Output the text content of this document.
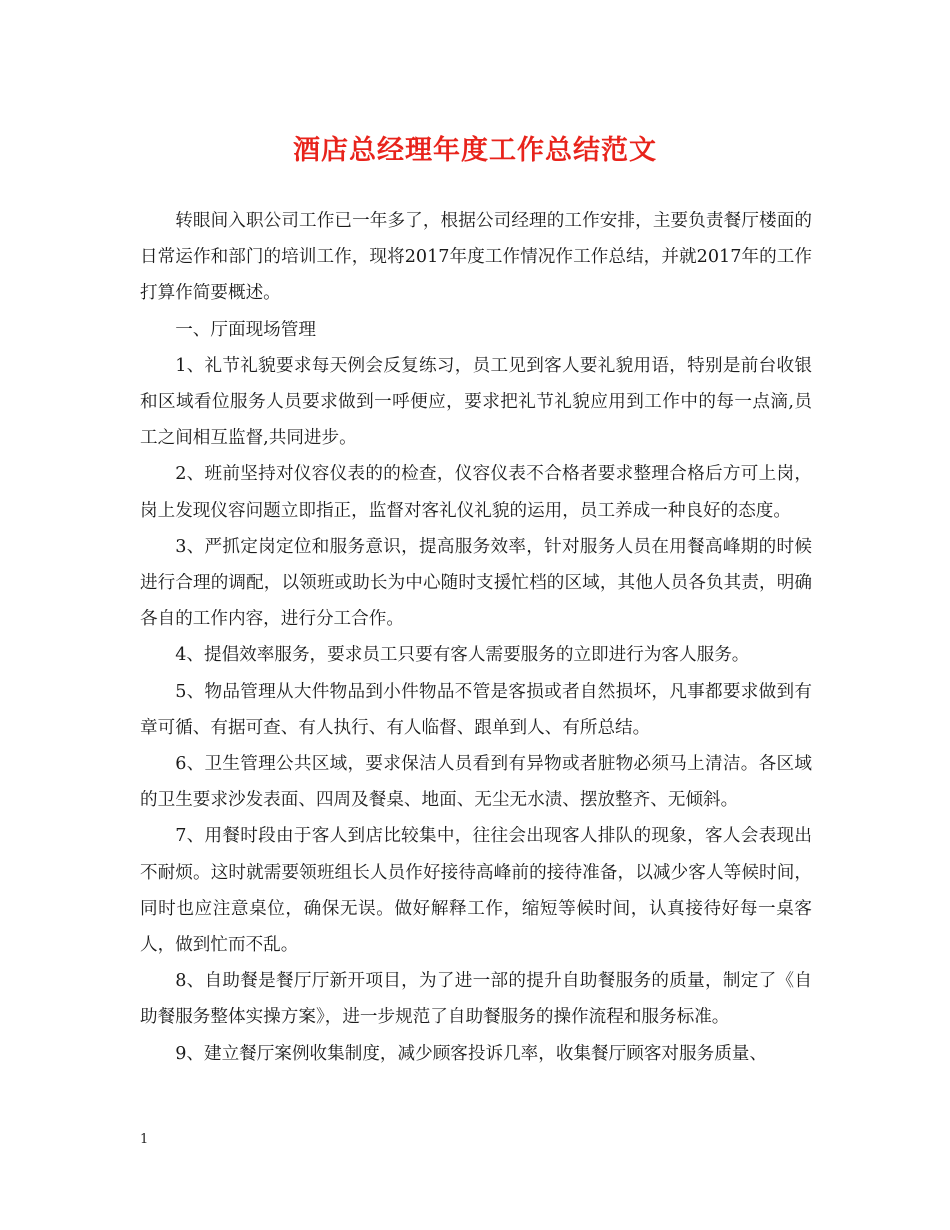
酒店总经理年度工作总结范文

转眼间入职公司工作已一年多了，根据公司经理的工作安排，主要负责餐厅楼面的日常运作和部门的培训工作，现将2017年度工作情况作工作总结，并就2017年的工作打算作简要概述。

一、厅面现场管理

1、礼节礼貌要求每天例会反复练习，员工见到客人要礼貌用语，特别是前台收银和区域看位服务人员要求做到一呼便应，要求把礼节礼貌应用到工作中的每一点滴,员工之间相互监督,共同进步。

2、班前坚持对仪容仪表的的检查，仪容仪表不合格者要求整理合格后方可上岗，岗上发现仪容问题立即指正，监督对客礼仪礼貌的运用，员工养成一种良好的态度。

3、严抓定岗定位和服务意识，提高服务效率，针对服务人员在用餐高峰期的时候进行合理的调配，以领班或助长为中心随时支援忙档的区域，其他人员各负其责，明确各自的工作内容，进行分工合作。

4、提倡效率服务，要求员工只要有客人需要服务的立即进行为客人服务。

5、物品管理从大件物品到小件物品不管是客损或者自然损坏，凡事都要求做到有章可循、有据可查、有人执行、有人临督、跟单到人、有所总结。

6、卫生管理公共区域，要求保洁人员看到有异物或者脏物必须马上清洁。各区域的卫生要求沙发表面、四周及餐桌、地面、无尘无水渍、摆放整齐、无倾斜。

7、用餐时段由于客人到店比较集中，往往会出现客人排队的现象，客人会表现出不耐烦。这时就需要领班组长人员作好接待高峰前的接待准备，以减少客人等候时间，同时也应注意桌位，确保无误。做好解释工作，缩短等候时间，认真接待好每一桌客人，做到忙而不乱。

8、自助餐是餐厅厅新开项目，为了进一部的提升自助餐服务的质量，制定了《自助餐服务整体实操方案》，进一步规范了自助餐服务的操作流程和服务标准。

9、建立餐厅案例收集制度，减少顾客投诉几率，收集餐厅顾客对服务质量、

1
